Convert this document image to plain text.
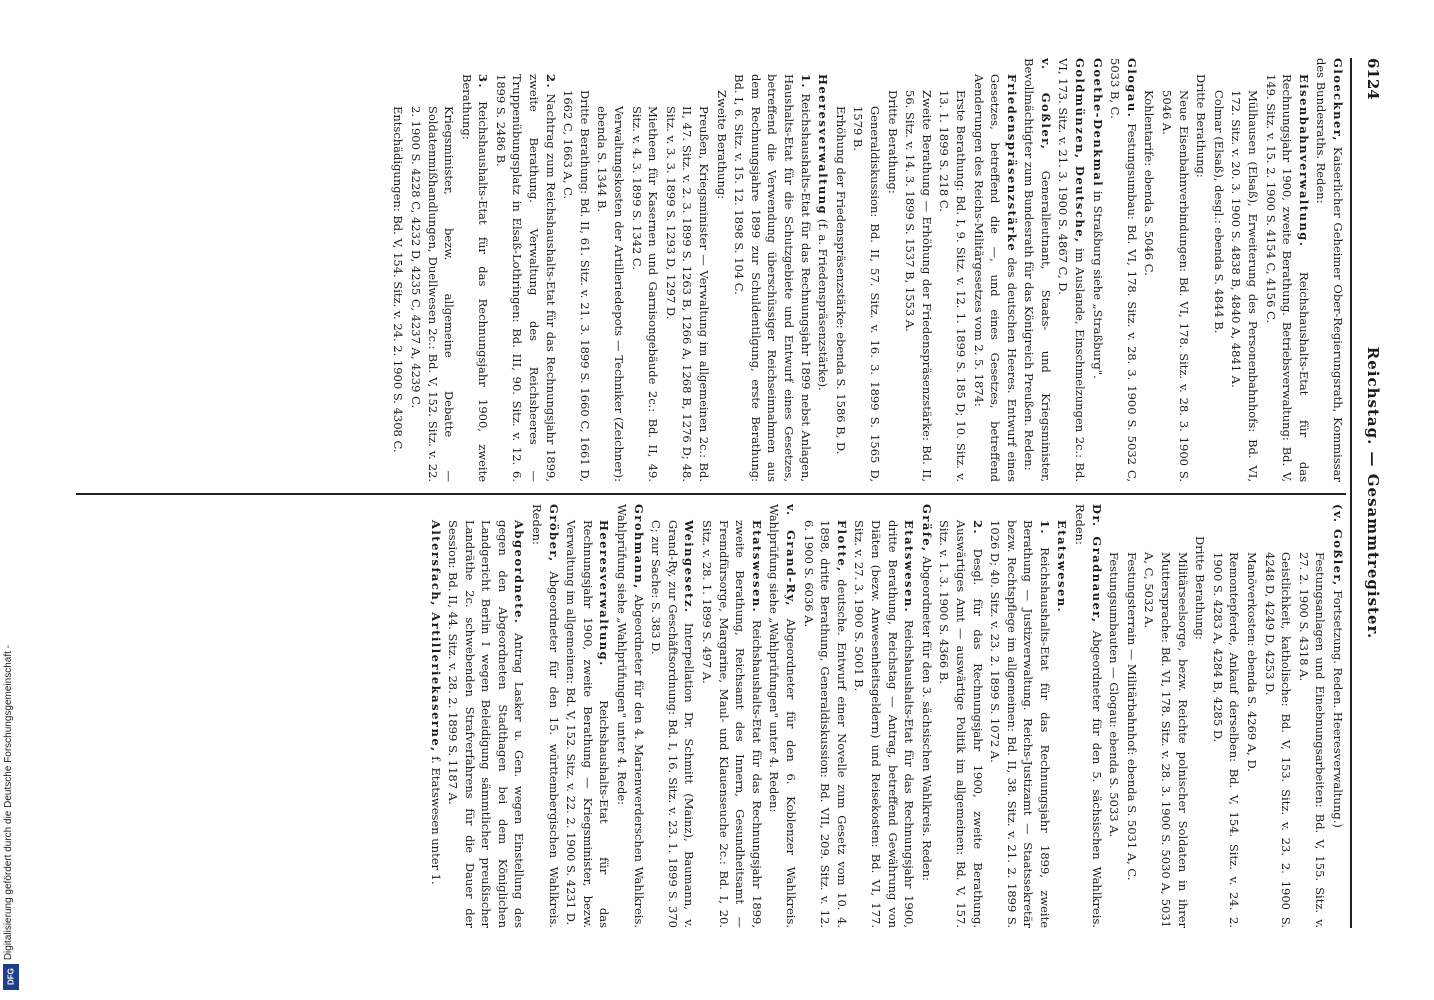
6124
Reichstag. — Gesammtregister.

Gloeckner, Kaiserlicher Geheimer Ober-Regierungsrath, Kommissar des Bundesraths. Reden:

Eisenbahnverwaltung. Reichshaushalts-Etat für das Rechnungsjahr 1900, zweite Berathung. Betriebsverwaltung: Bd. V, 149. Sitz. v. 15. 2. 1900 S. 4154 C, 4156 C.

Mülhausen (Elsaß), Erweiterung des Personenbahnhofs: Bd. VI, 172. Sitz. v. 20. 3. 1900 S. 4838 B, 4840 A, 4841 A.

Colmar (Elsaß), desgl.: ebenda S. 4844 B.

Dritte Berathung:

Neue Eisenbahnverbindungen: Bd. VI, 178. Sitz. v. 28. 3. 1900 S. 5046 A.

Kohlentarife: ebenda S. 5046 C.

Glogau. Festungsumbau: Bd. VI, 178. Sitz. v. 28. 3. 1900 S. 5032 C, 5033 B, C.

Goethe-Denkmal in Straßburg siehe „Straßburg".

Goldmünzen, Deutsche, im Auslande, Einschmelzungen 2c.: Bd. VI, 173. Sitz. v. 21. 3. 1900 S. 4867 C, D.

v. Goßler, Generalleutnant, Staats- und Kriegsminister, Bevollmächtigter zum Bundesrath für das Königreich Preußen. Reden:

Friedenspräsenzstärke des deutschen Heeres. Entwurf eines Gesetzes, betreffend die —, und eines Gesetzes, betreffend Aenderungen des Reichs-Militärgesetzes vom 2. 5. 1874:

Erste Berathung: Bd. I, 9. Sitz. v. 12. 1. 1899 S. 185 D; 10. Sitz. v. 13. 1. 1899 S. 218 C.

Zweite Berathung — Erhöhung der Friedenspräsenzstärke: Bd. II, 56. Sitz. v. 14. 3. 1899 S. 1537 B, 1553 A.

Dritte Berathung:

Generaldiskussion: Bd. II, 57. Sitz. v. 16. 3. 1899 S. 1565 D, 1579 B.

Erhöhung der Friedenspräsenzstärke: ebenda S. 1586 B, D.

Heeresverwaltung (f. a. Friedenspräsenzstärke).

1. Reichshaushalts-Etat für das Rechnungsjahr 1899 nebst Anlagen, Haushalts-Etat für die Schutzgebiete und Entwurf eines Gesetzes, betreffend die Verwendung überschüssiger Reichseinnahmen aus dem Rechnungsjahre 1899 zur Schuldentilgung, erste Berathung: Bd. I, 6. Sitz. v. 15. 12. 1898 S. 104 C.

Zweite Berathung:

Preußen, Kriegsminister — Verwaltung im allgemeinen 2c.: Bd. II, 47. Sitz. v. 2. 3. 1899 S. 1263 B, 1266 A, 1268 B, 1276 D; 48. Sitz. v. 3. 3. 1899 S. 1293 D, 1297 D.

Mietheen für Kasernen und Garnisongebäude 2c.: Bd. II, 49. Sitz. v. 4. 3. 1899 S. 1342 C.

Verwaltungskosten der Artilleriedepots — Techniker (Zeichner): ebenda S. 1344 B.

Dritte Berathung: Bd. II, 61. Sitz. v. 21. 3. 1899 S. 1660 C, 1661 D, 1662 C, 1663 A, C.

2. Nachtrag zum Reichshaushalts-Etat für das Rechnungsjahr 1899, zweite Berathung. Verwaltung des Reichsheeres — Truppenübungsplatz in Elsaß-Lothringen: Bd. III, 90. Sitz. v. 12. 6. 1899 S. 2486 B.

3. Reichshaushalts-Etat für das Rechnungsjahr 1900, zweite Berathung:

Kriegsminister, bezw. allgemeine Debatte — Soldatenmißhandlungen, Duellwesen 2c.: Bd. V, 152. Sitz. v. 22. 2. 1900 S. 4228 C, 4232 D, 4235 C, 4237 A, 4239 C.

Entschädigungen: Bd. V, 154. Sitz. v. 24. 2. 1900 S. 4308 C.

(v. Goßler, Fortsetzung. Reden. Heeresverwaltung.)

Festungsanlagen und Einebnungsarbeiten: Bd. V, 155. Sitz. v. 27. 2. 1900 S. 4318 A.

Geistlichkeit, katholische: Bd. V, 153. Sitz. v. 23. 2. 1900 S. 4248 D, 4249 D, 4253 D.

Manöverkosten: ebenda S. 4269 A, D.

Remontepferde, Ankauf derselben: Bd. V, 154. Sitz. v. 24. 2. 1900 S. 4283 A, 4284 B, 4285 D.

Dritte Berathung:

Militärseelsorge, bezw. Reichte polnischer Soldaten in ihrer Muttersprache: Bd. VI, 178. Sitz. v. 28. 3. 1900 S. 5030 A, 5031 A, C, 5032 A.

Festungsterrain — Militärbahnhof: ebenda S. 5031 A, C.

Festungsumbauten — Glogau: ebenda S. 5033 A.

Dr. Gradnauer, Abgeordneter für den 5. sächsischen Wahlkreis. Reden:

Etatswesen.

1. Reichshaushalts-Etat für das Rechnungsjahr 1899, zweite Berathung — Justizverwaltung. Reichs-Justizamt — Staatssekretär bezw. Rechtspflege im allgemeinen: Bd. II, 38. Sitz. v. 21. 2. 1899 S. 1026 D; 40. Sitz. v. 23. 2. 1899 S. 1072 A.

2. Desgl. für das Rechnungsjahr 1900, zweite Berathung. Auswärtiges Amt — auswärtige Politik im allgemeinen: Bd. V, 157. Sitz. v. 1. 3. 1900 S. 4366 B.

Gräfe, Abgeordneter für den 3. sächsischen Wahlkreis. Reden:

Etatswesen. Reichshaushalts-Etat für das Rechnungsjahr 1900, dritte Berathung, Reichstag — Antrag, betreffend Gewährung von Diäten (bezw. Anwesenheitsgeldern) und Reisekosten: Bd. VI, 177. Sitz. v. 27. 3. 1900 S. 5001 B.

Flotte, deutsche. Entwurf einer Novelle zum Gesetz vom 10. 4. 1898, dritte Berathung, Generaldiskussion: Bd. VII, 209. Sitz. v. 12. 6. 1900 S. 6036 A.

v. Grand-Ry, Abgeordneter für den 6. Koblenzer Wahlkreis. Wahlprüfung siehe „Wahlprüfungen" unter 4. Reden:

Etatswesen. Reichshaushalts-Etat für das Rechnungsjahr 1899, zweite Berathung, Reichsamt des Innern, Gesundheitsamt — Fremdfürsorge, Margarine, Maul- und Klauenseuche 2c.: Bd. I, 20. Sitz. v. 28. 1. 1899 S. 497 A.

Weingesetz. Interpellation Dr. Schmitt (Mainz), Baumann, v. Grand-Ry, zur Geschäftsordnung: Bd. I, 16. Sitz. v. 23. 1. 1899 S. 370 C; zur Sache: S. 383 D.

Grohmann, Abgeordneter für den 4. Marienwerderschen Wahlkreis. Wahlprüfung siehe „Wahlprüfungen" unter 4. Rede:

Heeresverwaltung. Reichshaushalts-Etat für das Rechnungsjahr 1900, zweite Berathung — Kriegsminister, bezw. Verwaltung im allgemeinen: Bd. V, 152. Sitz. v. 22. 2. 1900 S. 4231 D.

Gröber, Abgeordneter für den 15. württembergischen Wahlkreis. Reden:

Abgeordnete. Antrag Lasker u. Gen. wegen Einstellung des gegen den Abgeordneten Stadthagen bei dem Königlichen Landgericht Berlin I wegen Beleidigung sämmtlicher preußischer Landräthe 2c. schwebenden Strafverfahrens für die Dauer der Session: Bd. II, 44. Sitz. v. 28. 2. 1899 S. 1187 A.

Altersfach, Artilleriekaserne, f. Etatswesen unter 1.

Digitalisierung gefördert durch die Deutsche Forschungsgemeinschaft -
DFG
